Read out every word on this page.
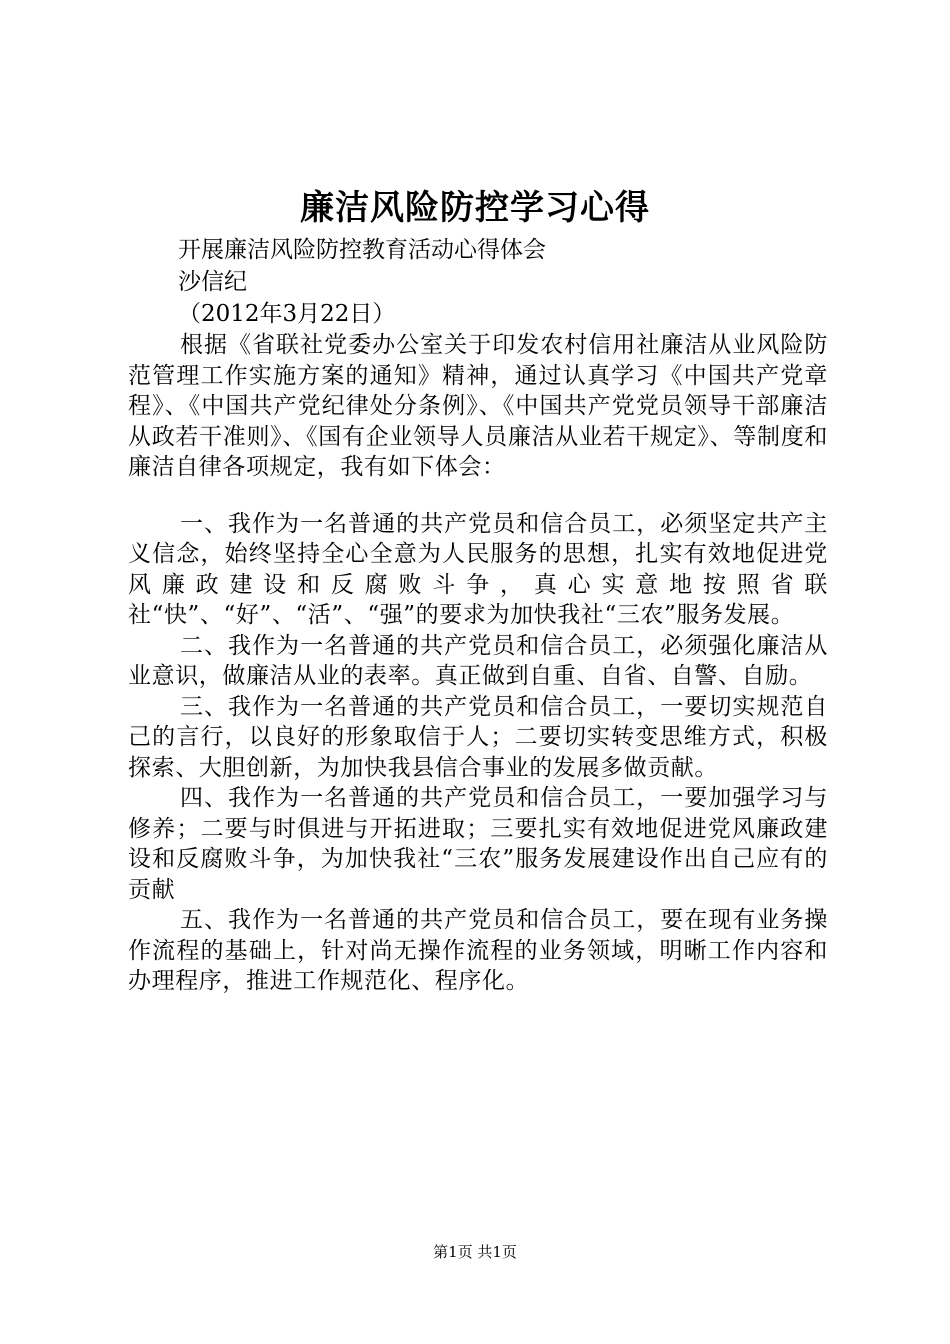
廉洁风险防控学习心得
开展廉洁风险防控教育活动心得体会
沙信纪
（2012年3月22日）

根据《省联社党委办公室关于印发农村信用社廉洁从业风险防范管理工作实施方案的通知》精神，通过认真学习《中国共产党章程》、《中国共产党纪律处分条例》、《中国共产党党员领导干部廉洁从政若干准则》、《国有企业领导人员廉洁从业若干规定》、等制度和廉洁自律各项规定，我有如下体会：

一、我作为一名普通的共产党员和信合员工，必须坚定共产主义信念，始终坚持全心全意为人民服务的思想，扎实有效地促进党风廉政建设和反腐败斗争，真心实意地按照省联社“快”、“好”、“活”、“强”的要求为加快我社“三农”服务发展。

二、我作为一名普通的共产党员和信合员工，必须强化廉洁从业意识，做廉洁从业的表率。真正做到自重、自省、自警、自励。

三、我作为一名普通的共产党员和信合员工，一要切实规范自己的言行，以良好的形象取信于人；二要切实转变思维方式，积极探索、大胆创新，为加快我县信合事业的发展多做贡献。

四、我作为一名普通的共产党员和信合员工，一要加强学习与修养；二要与时俱进与开拓进取；三要扎实有效地促进党风廉政建设和反腐败斗争，为加快我社“三农”服务发展建设作出自己应有的贡献

五、我作为一名普通的共产党员和信合员工，要在现有业务操作流程的基础上，针对尚无操作流程的业务领域，明晰工作内容和办理程序，推进工作规范化、程序化。

第1页 共1页
